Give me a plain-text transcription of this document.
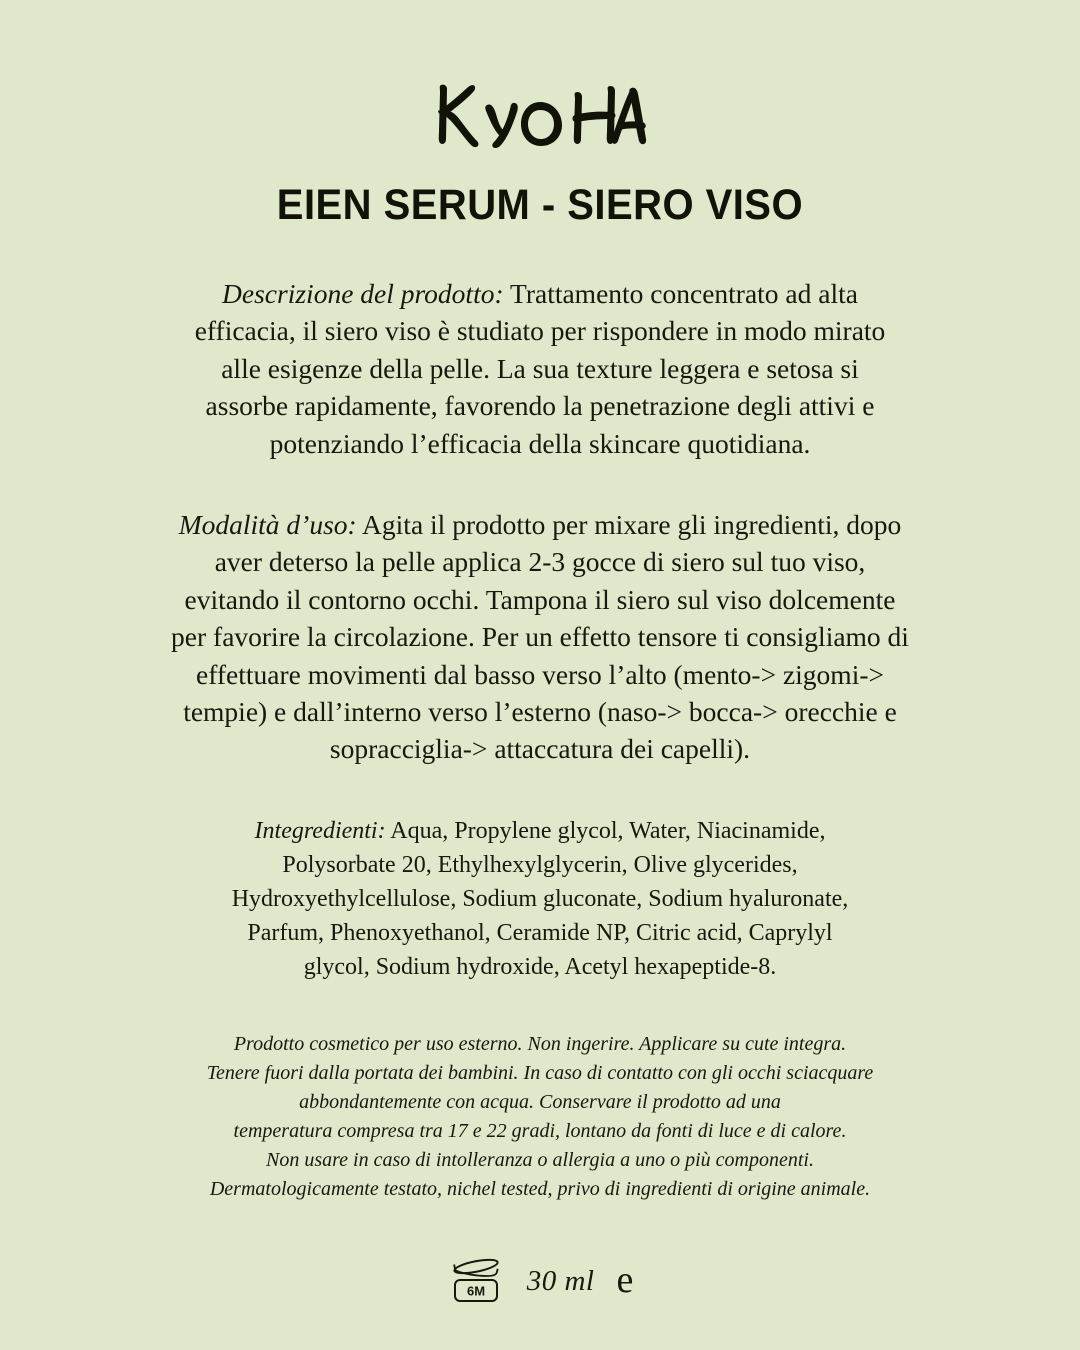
EIEN SERUM - SIERO VISO
Descrizione del prodotto: Trattamento concentrato ad alta efficacia, il siero viso è studiato per rispondere in modo mirato alle esigenze della pelle. La sua texture leggera e setosa si assorbe rapidamente, favorendo la penetrazione degli attivi e potenziando l’efficacia della skincare quotidiana.
Modalità d’uso: Agita il prodotto per mixare gli ingredienti, dopo aver deterso la pelle applica 2-3 gocce di siero sul tuo viso, evitando il contorno occhi. Tampona il siero sul viso dolcemente per favorire la circolazione. Per un effetto tensore ti consigliamo di effettuare movimenti dal basso verso l’alto (mento-> zigomi-> tempie) e dall’interno verso l’esterno (naso-> bocca-> orecchie e sopracciglia-> attaccatura dei capelli).
Integredienti: Aqua, Propylene glycol, Water, Niacinamide, Polysorbate 20, Ethylhexylglycerin, Olive glycerides, Hydroxyethylcellulose, Sodium gluconate, Sodium hyaluronate, Parfum, Phenoxyethanol, Ceramide NP, Citric acid, Caprylyl glycol, Sodium hydroxide, Acetyl hexapeptide-8.
Prodotto cosmetico per uso esterno. Non ingerire. Applicare su cute integra.
Tenere fuori dalla portata dei bambini. In caso di contatto con gli occhi sciacquare
abbondantemente con acqua. Conservare il prodotto ad una
temperatura compresa tra 17 e 22 gradi, lontano da fonti di luce e di calore.
Non usare in caso di intolleranza o allergia a uno o più componenti.
Dermatologicamente testato, nichel tested, privo di ingredienti di origine animale.
6M 30 ml e
